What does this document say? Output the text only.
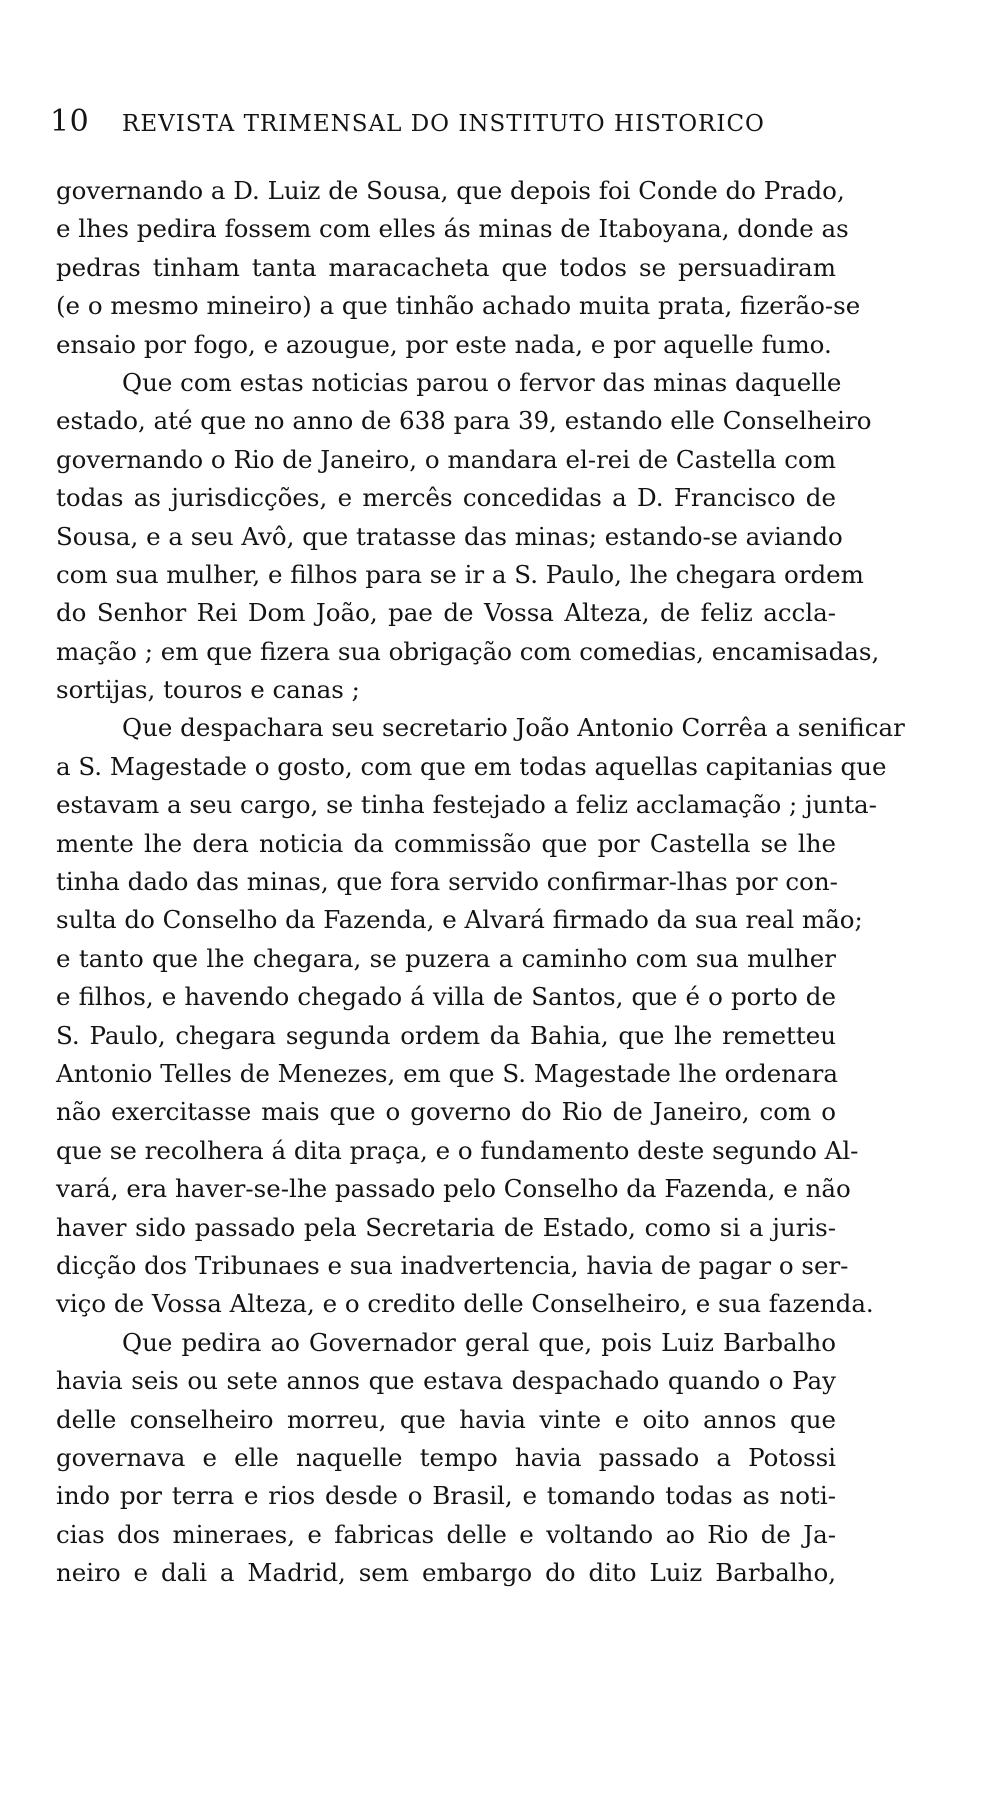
10	REVISTA TRIMENSAL DO INSTITUTO HISTORICO
governando a D. Luiz de Sousa, que depois foi Conde do Prado,
e lhes pedira fossem com elles ás minas de Itaboyana, donde as
pedras tinham tanta maracacheta que todos se persuadiram
(e o mesmo mineiro) a que tinhão achado muita prata, fizerão-se
ensaio por fogo, e azougue, por este nada, e por aquelle fumo.
Que com estas noticias parou o fervor das minas daquelle
estado, até que no anno de 638 para 39, estando elle Conselheiro
governando o Rio de Janeiro, o mandara el-rei de Castella com
todas as jurisdicções, e mercês concedidas a D. Francisco de
Sousa, e a seu Avô, que tratasse das minas; estando-se aviando
com sua mulher, e filhos para se ir a S. Paulo, lhe chegara ordem
do Senhor Rei Dom João, pae de Vossa Alteza, de feliz accla-
mação ; em que fizera sua obrigação com comedias, encamisadas,
sortijas, touros e canas ;
Que despachara seu secretario João Antonio Corrêa a senificar
a S. Magestade o gosto, com que em todas aquellas capitanias que
estavam a seu cargo, se tinha festejado a feliz acclamação ; junta-
mente lhe dera noticia da commissão que por Castella se lhe
tinha dado das minas, que fora servido confirmar-lhas por con-
sulta do Conselho da Fazenda, e Alvará firmado da sua real mão;
e tanto que lhe chegara, se puzera a caminho com sua mulher
e filhos, e havendo chegado á villa de Santos, que é o porto de
S. Paulo, chegara segunda ordem da Bahia, que lhe remetteu
Antonio Telles de Menezes, em que S. Magestade lhe ordenara
não exercitasse mais que o governo do Rio de Janeiro, com o
que se recolhera á dita praça, e o fundamento deste segundo Al-
vará, era haver-se-lhe passado pelo Conselho da Fazenda, e não
haver sido passado pela Secretaria de Estado, como si a juris-
dicção dos Tribunaes e sua inadvertencia, havia de pagar o ser-
viço de Vossa Alteza, e o credito delle Conselheiro, e sua fazenda.
Que pedira ao Governador geral que, pois Luiz Barbalho
havia seis ou sete annos que estava despachado quando o Pay
delle conselheiro morreu, que havia vinte e oito annos que
governava e elle naquelle tempo havia passado a Potossi
indo por terra e rios desde o Brasil, e tomando todas as noti-
cias dos mineraes, e fabricas delle e voltando ao Rio de Ja-
neiro e dali a Madrid, sem embargo do dito Luiz Barbalho,
